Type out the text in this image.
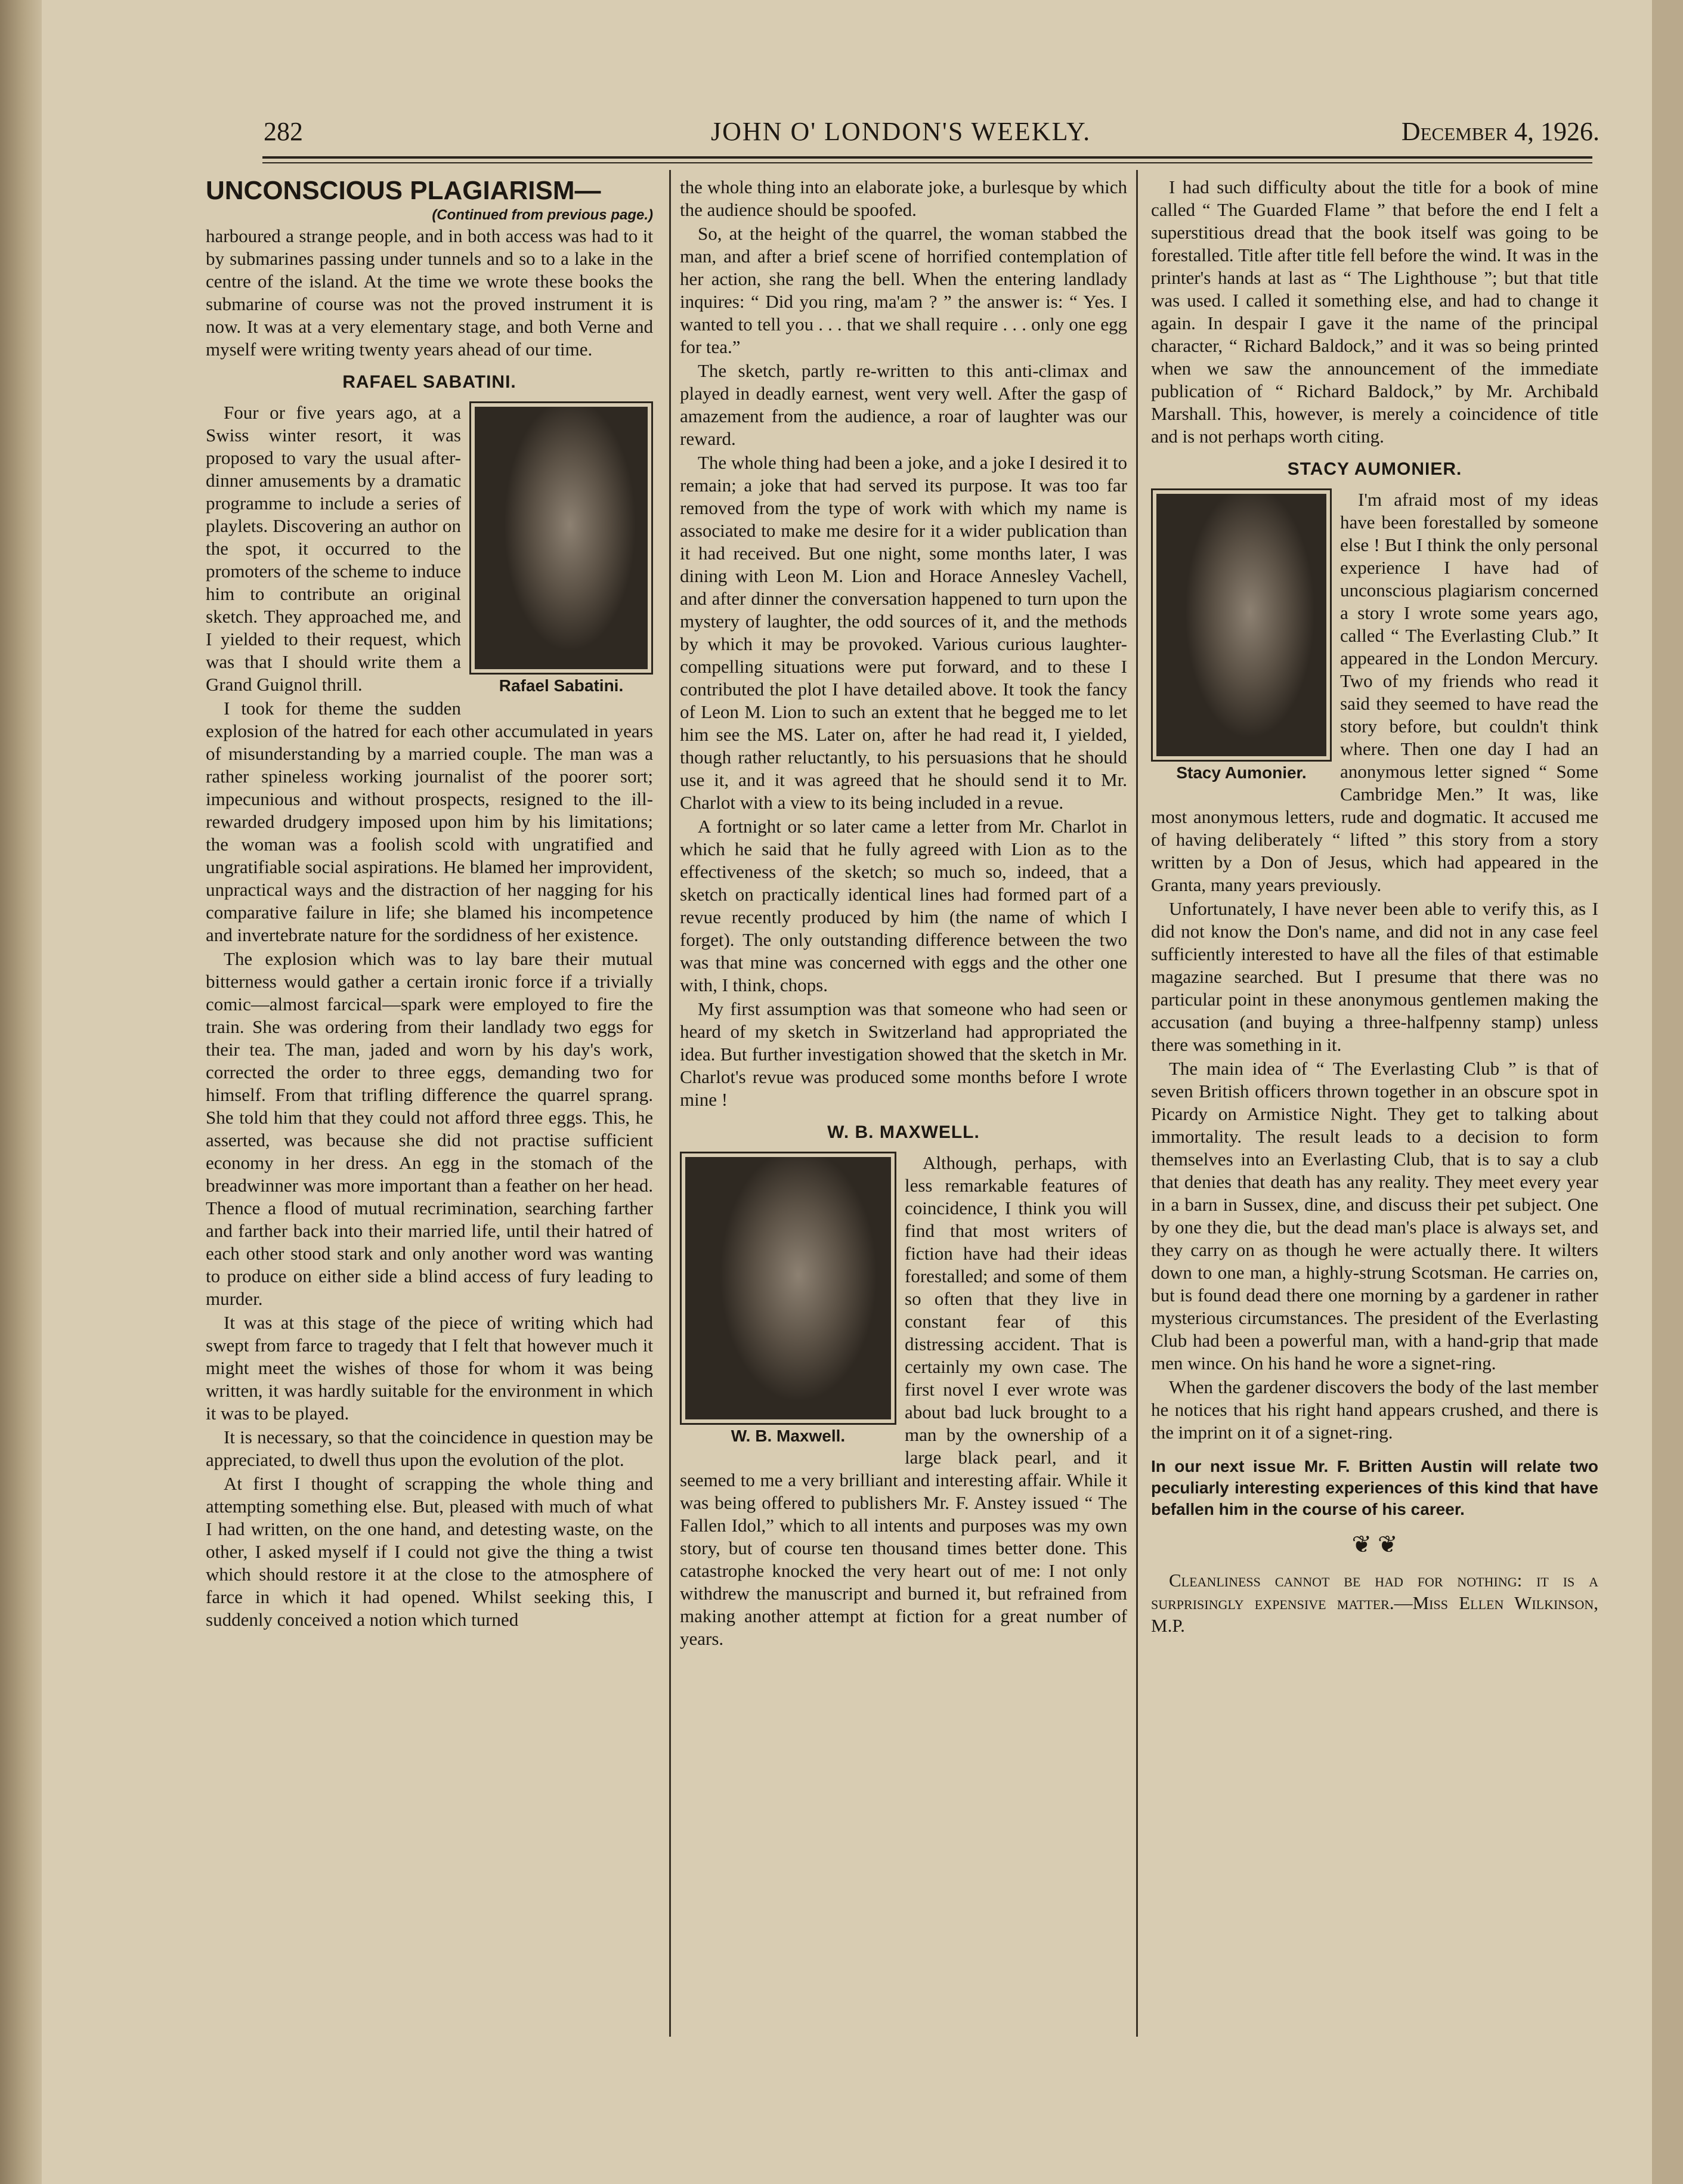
282	JOHN O' LONDON'S WEEKLY.	December 4, 1926.

UNCONSCIOUS PLAGIARISM—

(Continued from previous page.)

harboured a strange people, and in both access was had to it by submarines passing under tunnels and so to a lake in the centre of the island. At the time we wrote these books the submarine of course was not the proved instrument it is now. It was at a very elementary stage, and both Verne and myself were writing twenty years ahead of our time.

RAFAEL SABATINI.
Rafael Sabatini.

Four or five years ago, at a Swiss winter resort, it was proposed to vary the usual after-dinner amusements by a dramatic programme to include a series of playlets. Discovering an author on the spot, it occurred to the promoters of the scheme to induce him to contribute an original sketch. They approached me, and I yielded to their request, which was that I should write them a Grand Guignol thrill.

I took for theme the sudden explosion of the hatred for each other accumulated in years of misunderstanding by a married couple. The man was a rather spineless working journalist of the poorer sort; impecunious and without prospects, resigned to the ill-rewarded drudgery imposed upon him by his limitations; the woman was a foolish scold with ungratified and ungratifiable social aspirations. He blamed her improvident, unpractical ways and the distraction of her nagging for his comparative failure in life; she blamed his incompetence and invertebrate nature for the sordidness of her existence.

The explosion which was to lay bare their mutual bitterness would gather a certain ironic force if a trivially comic—almost farcical—spark were employed to fire the train. She was ordering from their landlady two eggs for their tea. The man, jaded and worn by his day's work, corrected the order to three eggs, demanding two for himself. From that trifling difference the quarrel sprang. She told him that they could not afford three eggs. This, he asserted, was because she did not practise sufficient economy in her dress. An egg in the stomach of the breadwinner was more important than a feather on her head. Thence a flood of mutual recrimination, searching farther and farther back into their married life, until their hatred of each other stood stark and only another word was wanting to produce on either side a blind access of fury leading to murder.

It was at this stage of the piece of writing which had swept from farce to tragedy that I felt that however much it might meet the wishes of those for whom it was being written, it was hardly suitable for the environment in which it was to be played.

It is necessary, so that the coincidence in question may be appreciated, to dwell thus upon the evolution of the plot.

At first I thought of scrapping the whole thing and attempting something else. But, pleased with much of what I had written, on the one hand, and detesting waste, on the other, I asked myself if I could not give the thing a twist which should restore it at the close to the atmosphere of farce in which it had opened. Whilst seeking this, I suddenly conceived a notion which turned

the whole thing into an elaborate joke, a burlesque by which the audience should be spoofed.

So, at the height of the quarrel, the woman stabbed the man, and after a brief scene of horrified contemplation of her action, she rang the bell. When the entering landlady inquires: “ Did you ring, ma'am ? ” the answer is: “ Yes. I wanted to tell you . . . that we shall require . . . only one egg for tea.”

The sketch, partly re-written to this anti-climax and played in deadly earnest, went very well. After the gasp of amazement from the audience, a roar of laughter was our reward.

The whole thing had been a joke, and a joke I desired it to remain; a joke that had served its purpose. It was too far removed from the type of work with which my name is associated to make me desire for it a wider publication than it had received. But one night, some months later, I was dining with Leon M. Lion and Horace Annesley Vachell, and after dinner the conversation happened to turn upon the mystery of laughter, the odd sources of it, and the methods by which it may be provoked. Various curious laughter-compelling situations were put forward, and to these I contributed the plot I have detailed above. It took the fancy of Leon M. Lion to such an extent that he begged me to let him see the MS. Later on, after he had read it, I yielded, though rather reluctantly, to his persuasions that he should use it, and it was agreed that he should send it to Mr. Charlot with a view to its being included in a revue.

A fortnight or so later came a letter from Mr. Charlot in which he said that he fully agreed with Lion as to the effectiveness of the sketch; so much so, indeed, that a sketch on practically identical lines had formed part of a revue recently produced by him (the name of which I forget). The only outstanding difference between the two was that mine was concerned with eggs and the other one with, I think, chops.

My first assumption was that someone who had seen or heard of my sketch in Switzerland had appropriated the idea. But further investigation showed that the sketch in Mr. Charlot's revue was produced some months before I wrote mine !

W. B. MAXWELL.
W. B. Maxwell.

Although, perhaps, with less remarkable features of coincidence, I think you will find that most writers of fiction have had their ideas forestalled; and some of them so often that they live in constant fear of this distressing accident. That is certainly my own case. The first novel I ever wrote was about bad luck brought to a man by the ownership of a large black pearl, and it seemed to me a very brilliant and interesting affair. While it was being offered to publishers Mr. F. Anstey issued “ The Fallen Idol,” which to all intents and purposes was my own story, but of course ten thousand times better done. This catastrophe knocked the very heart out of me: I not only withdrew the manuscript and burned it, but refrained from making another attempt at fiction for a great number of years.

I had such difficulty about the title for a book of mine called “ The Guarded Flame ” that before the end I felt a superstitious dread that the book itself was going to be forestalled. Title after title fell before the wind. It was in the printer's hands at last as “ The Lighthouse ”; but that title was used. I called it something else, and had to change it again. In despair I gave it the name of the principal character, “ Richard Baldock,” and it was so being printed when we saw the announcement of the immediate publication of “ Richard Baldock,” by Mr. Archibald Marshall. This, however, is merely a coincidence of title and is not perhaps worth citing.

STACY AUMONIER.
Stacy Aumonier.

I'm afraid most of my ideas have been forestalled by someone else ! But I think the only personal experience I have had of unconscious plagiarism concerned a story I wrote some years ago, called “ The Everlasting Club.” It appeared in the London Mercury. Two of my friends who read it said they seemed to have read the story before, but couldn't think where. Then one day I had an anonymous letter signed “ Some Cambridge Men.” It was, like most anonymous letters, rude and dogmatic. It accused me of having deliberately “ lifted ” this story from a story written by a Don of Jesus, which had appeared in the Granta, many years previously.

Unfortunately, I have never been able to verify this, as I did not know the Don's name, and did not in any case feel sufficiently interested to have all the files of that estimable magazine searched. But I presume that there was no particular point in these anonymous gentlemen making the accusation (and buying a three-halfpenny stamp) unless there was something in it.

The main idea of “ The Everlasting Club ” is that of seven British officers thrown together in an obscure spot in Picardy on Armistice Night. They get to talking about immortality. The result leads to a decision to form themselves into an Everlasting Club, that is to say a club that denies that death has any reality. They meet every year in a barn in Sussex, dine, and discuss their pet subject. One by one they die, but the dead man's place is always set, and they carry on as though he were actually there. It wilters down to one man, a highly-strung Scotsman. He carries on, but is found dead there one morning by a gardener in rather mysterious circumstances. The president of the Everlasting Club had been a powerful man, with a hand-grip that made men wince. On his hand he wore a signet-ring.

When the gardener discovers the body of the last member he notices that his right hand appears crushed, and there is the imprint on it of a signet-ring.

In our next issue Mr. F. Britten Austin will relate two peculiarly interesting experiences of this kind that have befallen him in the course of his career.
❦ ❦

Cleanliness cannot be had for nothing: it is a surprisingly expensive matter.—Miss Ellen Wilkinson, M.P.
